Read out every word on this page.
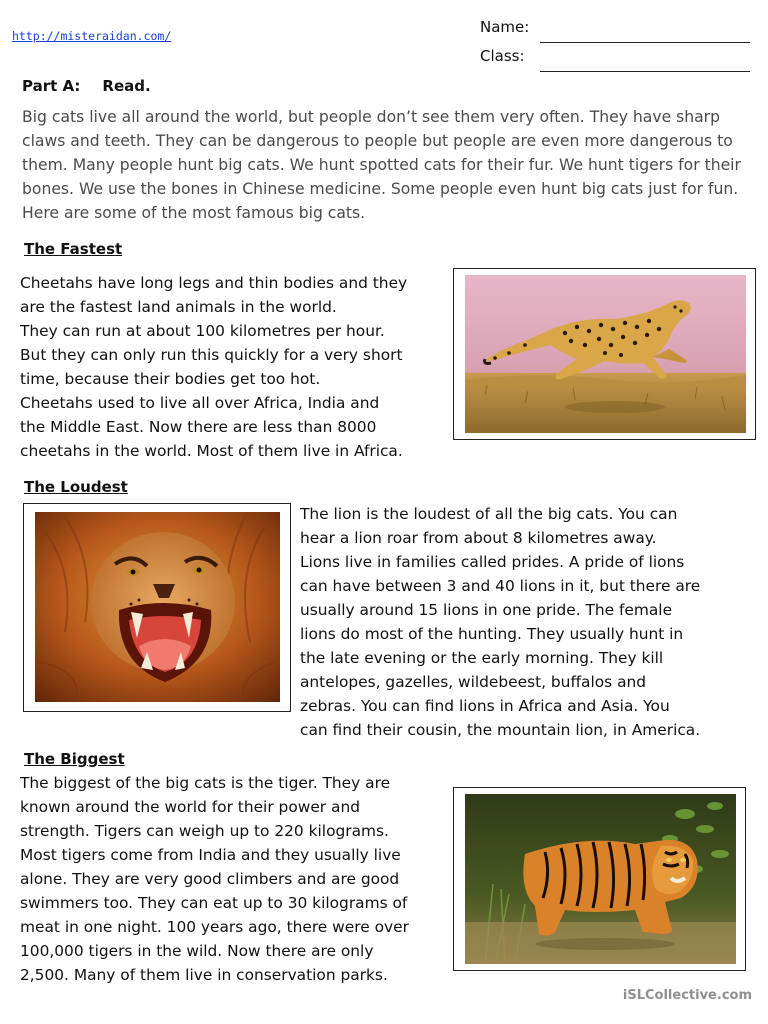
http://misteraidan.com/	Name:
Class:
Part A: Read.
Big cats live all around the world, but people don’t see them very often. They have sharp claws and teeth. They can be dangerous to people but people are even more dangerous to them. Many people hunt big cats. We hunt spotted cats for their fur. We hunt tigers for their bones. We use the bones in Chinese medicine. Some people even hunt big cats just for fun. Here are some of the most famous big cats.
The Fastest
Cheetahs have long legs and thin bodies and they
are the fastest land animals in the world.
They can run at about 100 kilometres per hour.
But they can only run this quickly for a very short
time, because their bodies get too hot.
Cheetahs used to live all over Africa, India and
the Middle East. Now there are less than 8000
cheetahs in the world. Most of them live in Africa.
The Loudest
The lion is the loudest of all the big cats. You can
hear a lion roar from about 8 kilometres away.
Lions live in families called prides. A pride of lions
can have between 3 and 40 lions in it, but there are
usually around 15 lions in one pride. The female
lions do most of the hunting. They usually hunt in
the late evening or the early morning. They kill
antelopes, gazelles, wildebeest, buffalos and
zebras. You can find lions in Africa and Asia. You
can find their cousin, the mountain lion, in America.
The Biggest
The biggest of the big cats is the tiger. They are
known around the world for their power and
strength. Tigers can weigh up to 220 kilograms.
Most tigers come from India and they usually live
alone. They are very good climbers and are good
swimmers too. They can eat up to 30 kilograms of
meat in one night. 100 years ago, there were over
100,000 tigers in the wild. Now there are only
2,500. Many of them live in conservation parks.
iSLCollective.com
